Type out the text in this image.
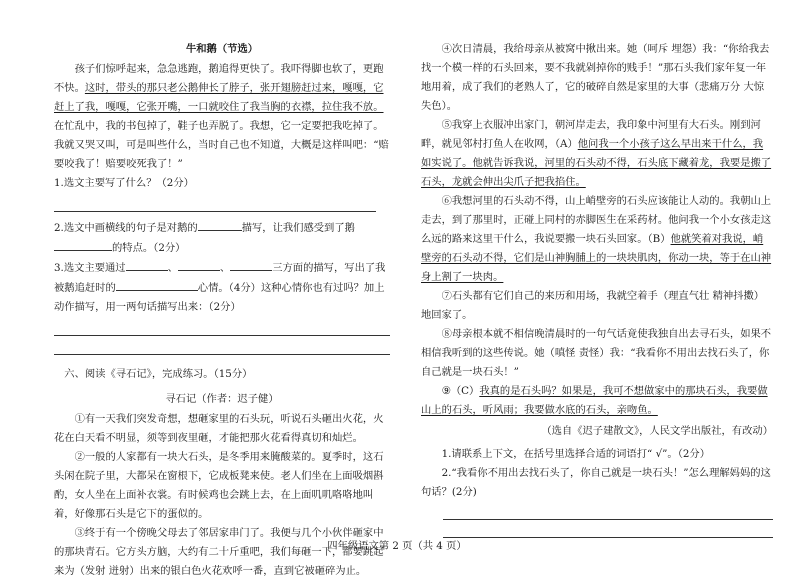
牛和鹅（节选）

孩子们惊呼起来，急急逃跑，鹅追得更快了。我吓得脚也软了，更跑不快。这时，带头的那只老公鹅伸长了脖子，张开翅膀赶过来，嘎嘎，它赶上了我，嘎嘎，它张开嘴，一口就咬住了我当胸的衣襟，拉住我不放。在忙乱中，我的书包掉了，鞋子也弄脱了。我想，它一定要把我吃掉了。我就又哭又叫，可是叫些什么，当时自己也不知道，大概是这样叫吧：“赔要咬我了！赔要咬死我了！”

1.选文主要写了什么？（2分）

2.选文中画横线的句子是对鹅的	描写，让我们感受到了鹅的特点。（2分）

3.选文主要通过	、	、	三方面的描写，写出了我被鹅追赶时的	心情。（4分）这种心情你也有过吗？加上动作描写，用一两句话描写出来：（2分）

六、阅读《寻石记》，完成练习。（15分）

寻石记（作者：迟子健）

①有一天我们突发奇想，想砸家里的石头玩，听说石头砸出火花，火花在白天看不明显，须等到夜里砸，才能把那火花看得真切和灿烂。

②一般的人家都有一块大石头，是冬季用来腌酸菜的。夏季时，这石头闲在院子里，大都呆在窗根下，它成板凳来使。老人们坐在上面吸烟斟酌，女人坐在上面补衣裳。有时候鸡也会跳上去，在上面叽叽咯咯地叫着，好像那石头是它下的蛋似的。

③终于有一个傍晚父母去了邻居家串门了。我便与几个小伙伴砸家中的那块青石。它方头方脑，大约有二十斤重吧，我们每砸一下，都要跳起来为（发射 迸射）出来的银白色火花欢呼一番，直到它被砸碎为止。

④次日清晨，我给母亲从被窝中揪出来。她（呵斥 埋怨）我：“你给我去找一个模一样的石头回来，要不我就剁掉你的贱手！”那石头我们家年复一年地用着，成了我们的老熟人了，它的破碎自然是家里的大事（悲痛万分 大惊失色）。

⑤我穿上衣服冲出家门，朝河岸走去，我印象中河里有大石头。刚到河畔，就见邻村打鱼人在收网，（A）他问我一个小孩子这么早出来干什么，我如实说了。他就告诉我说，河里的石头动不得，石头底下藏着龙，我要是搬了石头，龙就会伸出尖爪子把我掐住。

⑥我想河里的石头动不得，山上峭壁旁的石头应该能让人动的。我朝山上走去，到了那里时，正碰上同村的赤脚医生在采药材。他问我一个小女孩走这么远的路来这里干什么，我说要搬一块石头回家。（B）他就笑着对我说，峭壁旁的石头动不得，它们是山神胸脯上的一块块肌肉，你动一块，等于在山神身上割了一块肉。

⑦石头都有它们自己的来历和用场，我就空着手（理直气壮 精神抖擞）地回家了。

⑧母亲根本就不相信晚清晨时的一句气话竟使我独自出去寻石头，如果不相信我听到的这些传说。她（嗔怪 责怪）我：“我看你不用出去找石头了，你自己就是一块石头！”

⑨（C）我真的是石头吗？如果是，我可不想做家中的那块石头，我要做山上的石头，听风雨；我要做水底的石头，亲吻鱼。

（选自《迟子建散文》，人民文学出版社，有改动）

1.请联系上下文，在括号里选择合适的词语打“ √”。（2分）

2.“我看你不用出去找石头了，你自己就是一块石头！”怎么理解妈妈的这句话？(2分)

四年级语文第 2 页（共 4 页）
